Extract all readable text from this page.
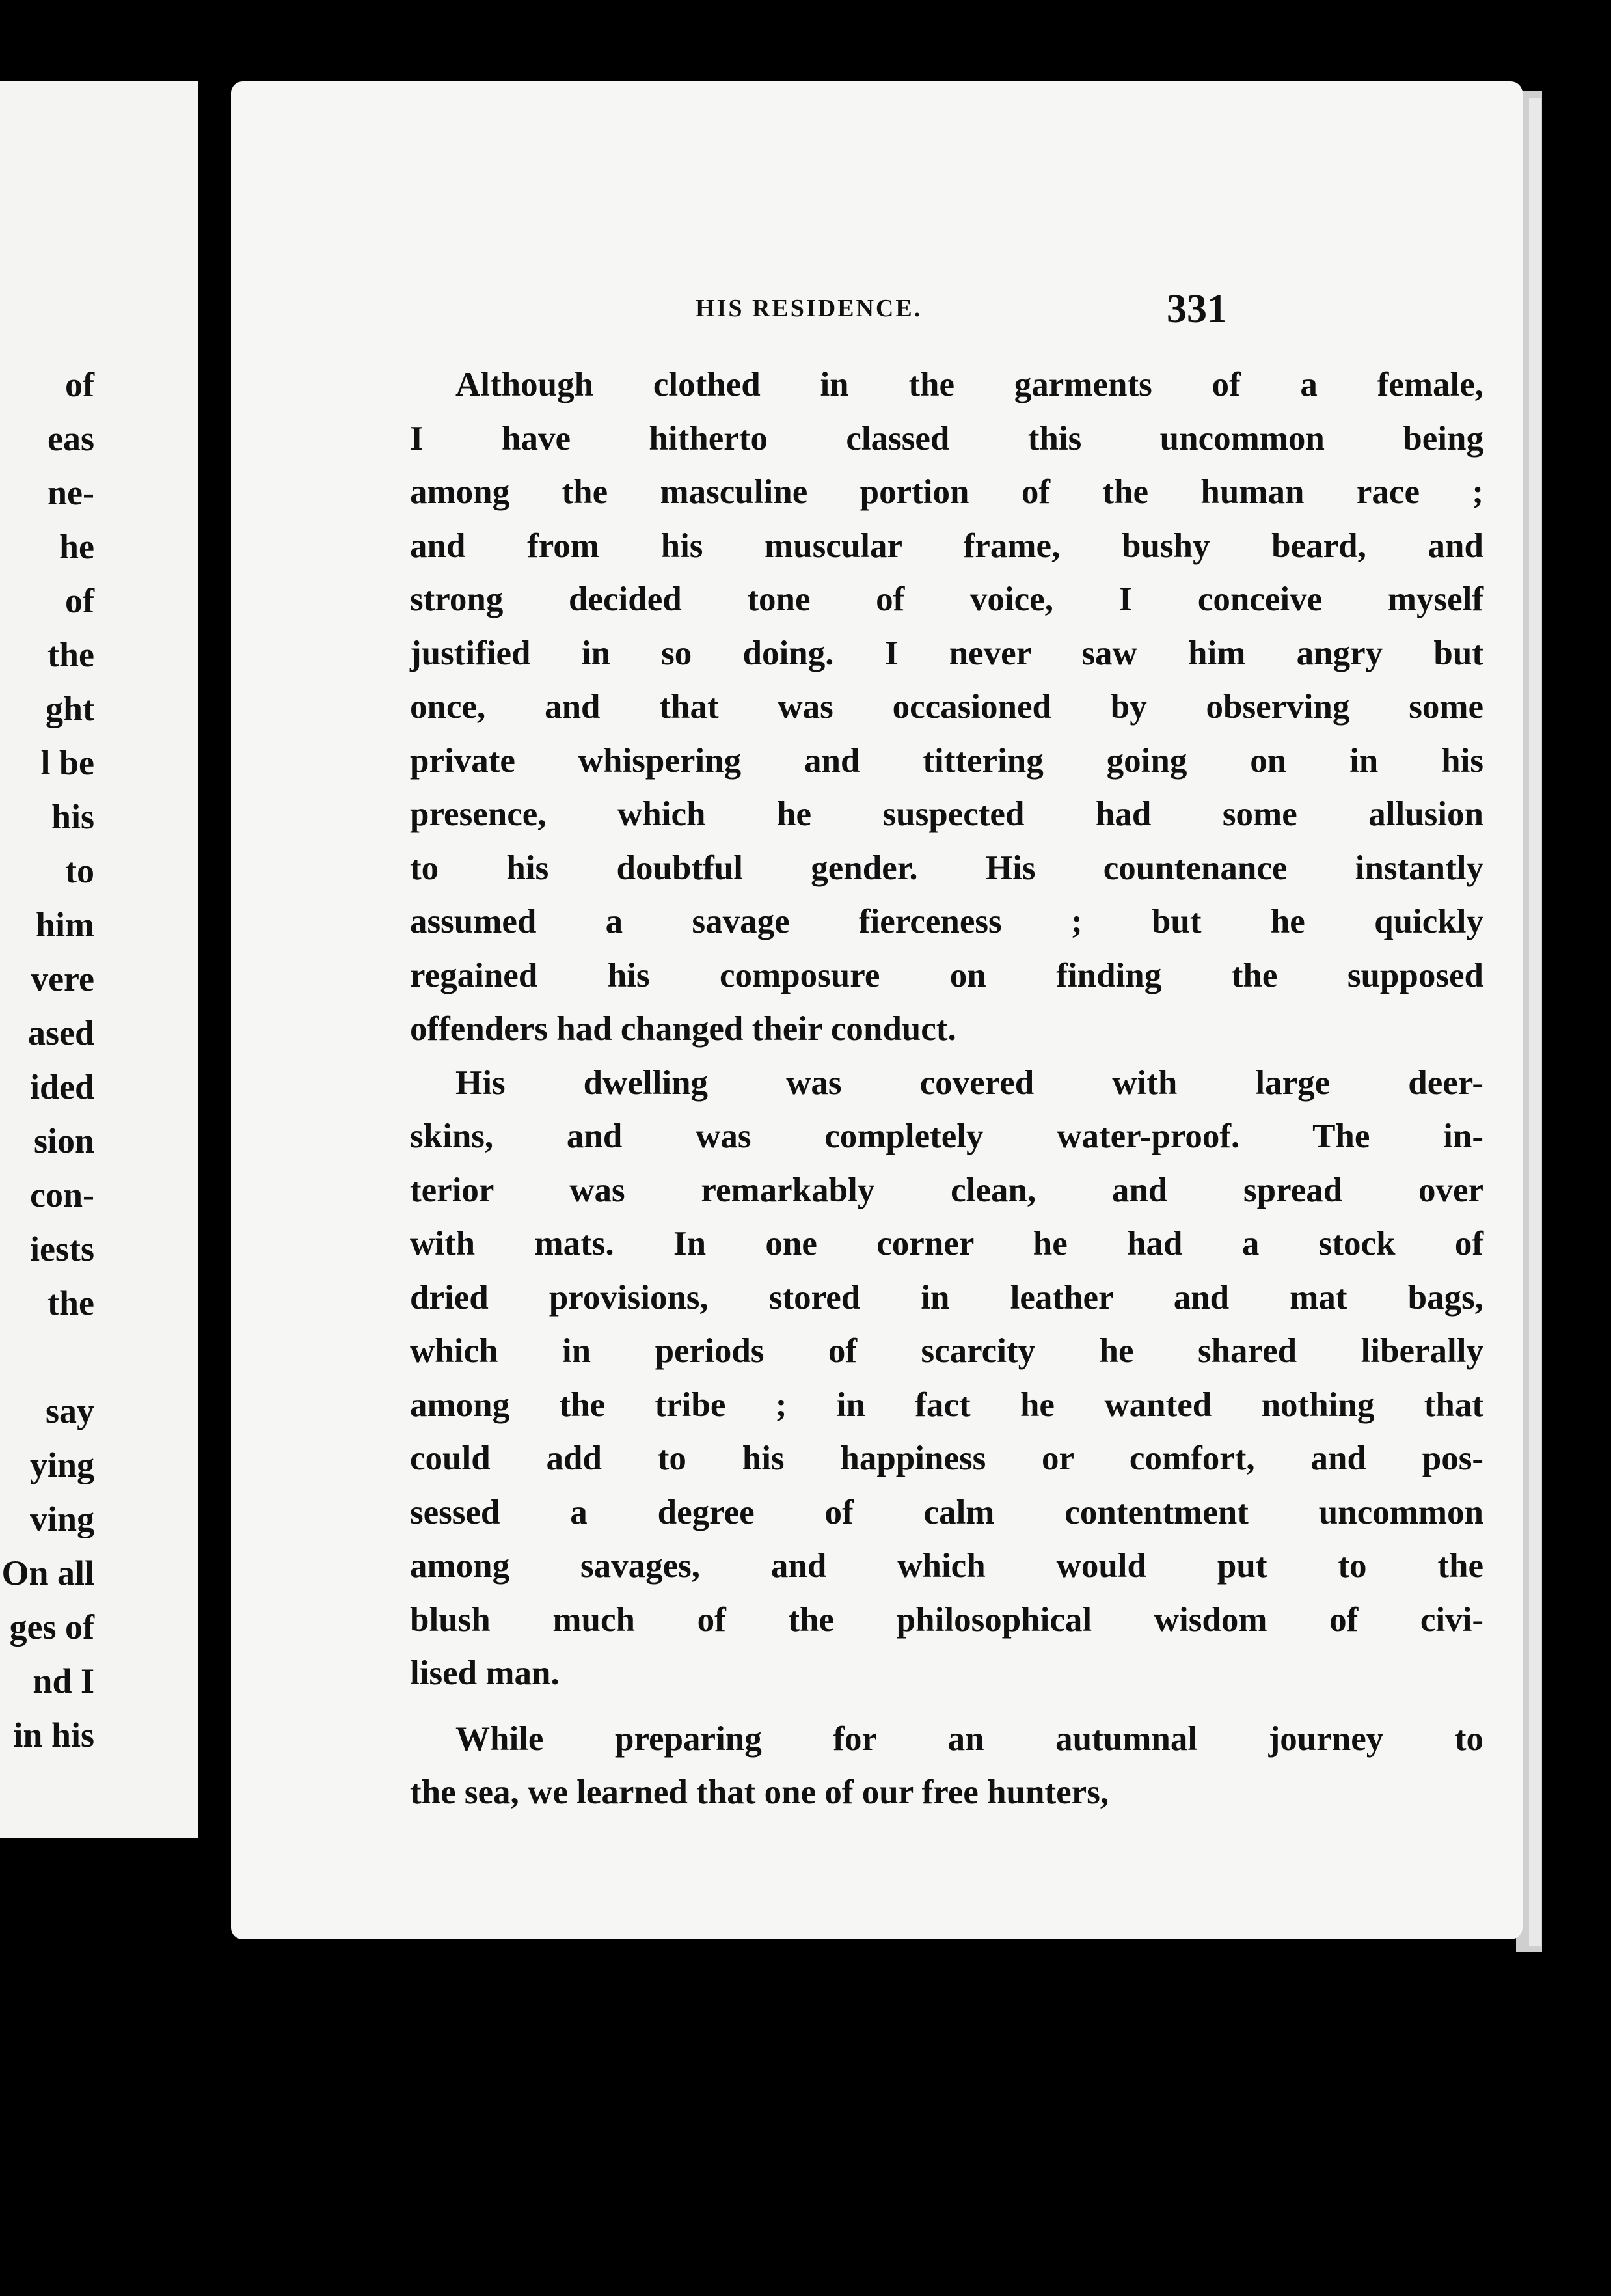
of
eas
ne-
he
of
the
ght
l be
his
to
him
vere
ased
ided
sion
con-
iests
the

say
ying
ving
On all
ges of
nd I
in his
HIS RESIDENCE.	331
Although clothed in the garments of a female,
I have hitherto classed this uncommon being
among the masculine portion of the human race ;
and from his muscular frame, bushy beard, and
strong decided tone of voice, I conceive myself
justified in so doing. I never saw him angry but
once, and that was occasioned by observing some
private whispering and tittering going on in his
presence, which he suspected had some allusion
to his doubtful gender. His countenance instantly
assumed a savage fierceness ; but he quickly
regained his composure on finding the supposed
offenders had changed their conduct.
His dwelling was covered with large deer-
skins, and was completely water-proof. The in-
terior was remarkably clean, and spread over
with mats. In one corner he had a stock of
dried provisions, stored in leather and mat bags,
which in periods of scarcity he shared liberally
among the tribe ; in fact he wanted nothing that
could add to his happiness or comfort, and pos-
sessed a degree of calm contentment uncommon
among savages, and which would put to the
blush much of the philosophical wisdom of civi-
lised man.
While preparing for an autumnal journey to
the sea, we learned that one of our free hunters,
